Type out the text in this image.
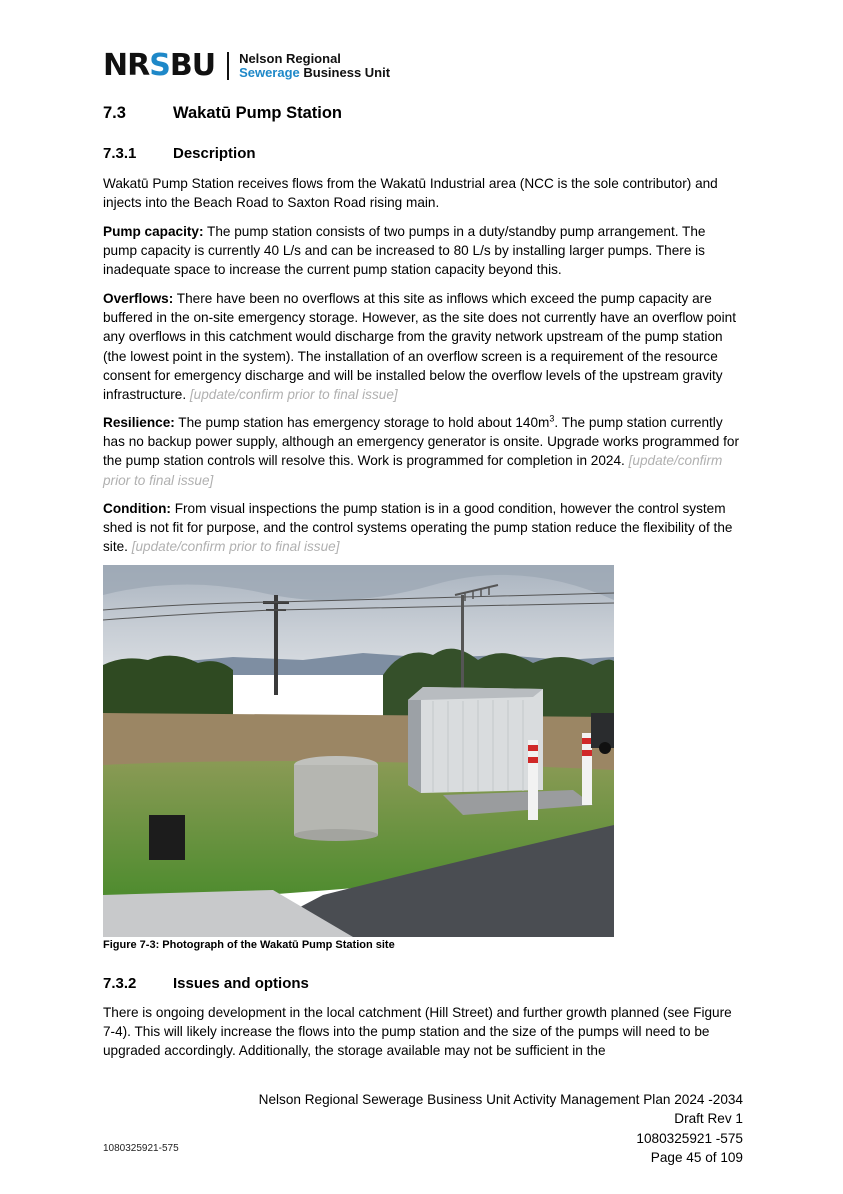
NRSBU Nelson Regional
Sewerage Business Unit
7.3	Wakatū Pump Station
7.3.1	Description

Wakatū Pump Station receives flows from the Wakatū Industrial area (NCC is the sole contributor) and injects into the Beach Road to Saxton Road rising main.

Pump capacity: The pump station consists of two pumps in a duty/standby pump arrangement. The pump capacity is currently 40 L/s and can be increased to 80 L/s by installing larger pumps. There is inadequate space to increase the current pump station capacity beyond this.

Overflows: There have been no overflows at this site as inflows which exceed the pump capacity are buffered in the on-site emergency storage. However, as the site does not currently have an overflow point any overflows in this catchment would discharge from the gravity network upstream of the pump station (the lowest point in the system). The installation of an overflow screen is a requirement of the resource consent for emergency discharge and will be installed below the overflow levels of the upstream gravity infrastructure. [update/confirm prior to final issue]

Resilience: The pump station has emergency storage to hold about $140m^3$. The pump station currently has no backup power supply, although an emergency generator is onsite. Upgrade works programmed for the pump station controls will resolve this. Work is programmed for completion in 2024. [update/confirm prior to final issue]

Condition: From visual inspections the pump station is in a good condition, however the control system shed is not fit for purpose, and the control systems operating the pump station reduce the flexibility of the site. [update/confirm prior to final issue]

Figure 7-3: Photograph of the Wakatū Pump Station site
7.3.2	Issues and options

There is ongoing development in the local catchment (Hill Street) and further growth planned (see Figure 7-4). This will likely increase the flows into the pump station and the size of the pumps will need to be upgraded accordingly. Additionally, the storage available may not be sufficient in the

Nelson Regional Sewerage Business Unit Activity Management Plan 2024 -2034
Draft Rev 1
1080325921 -575
Page 45 of 109
1080325921-575
